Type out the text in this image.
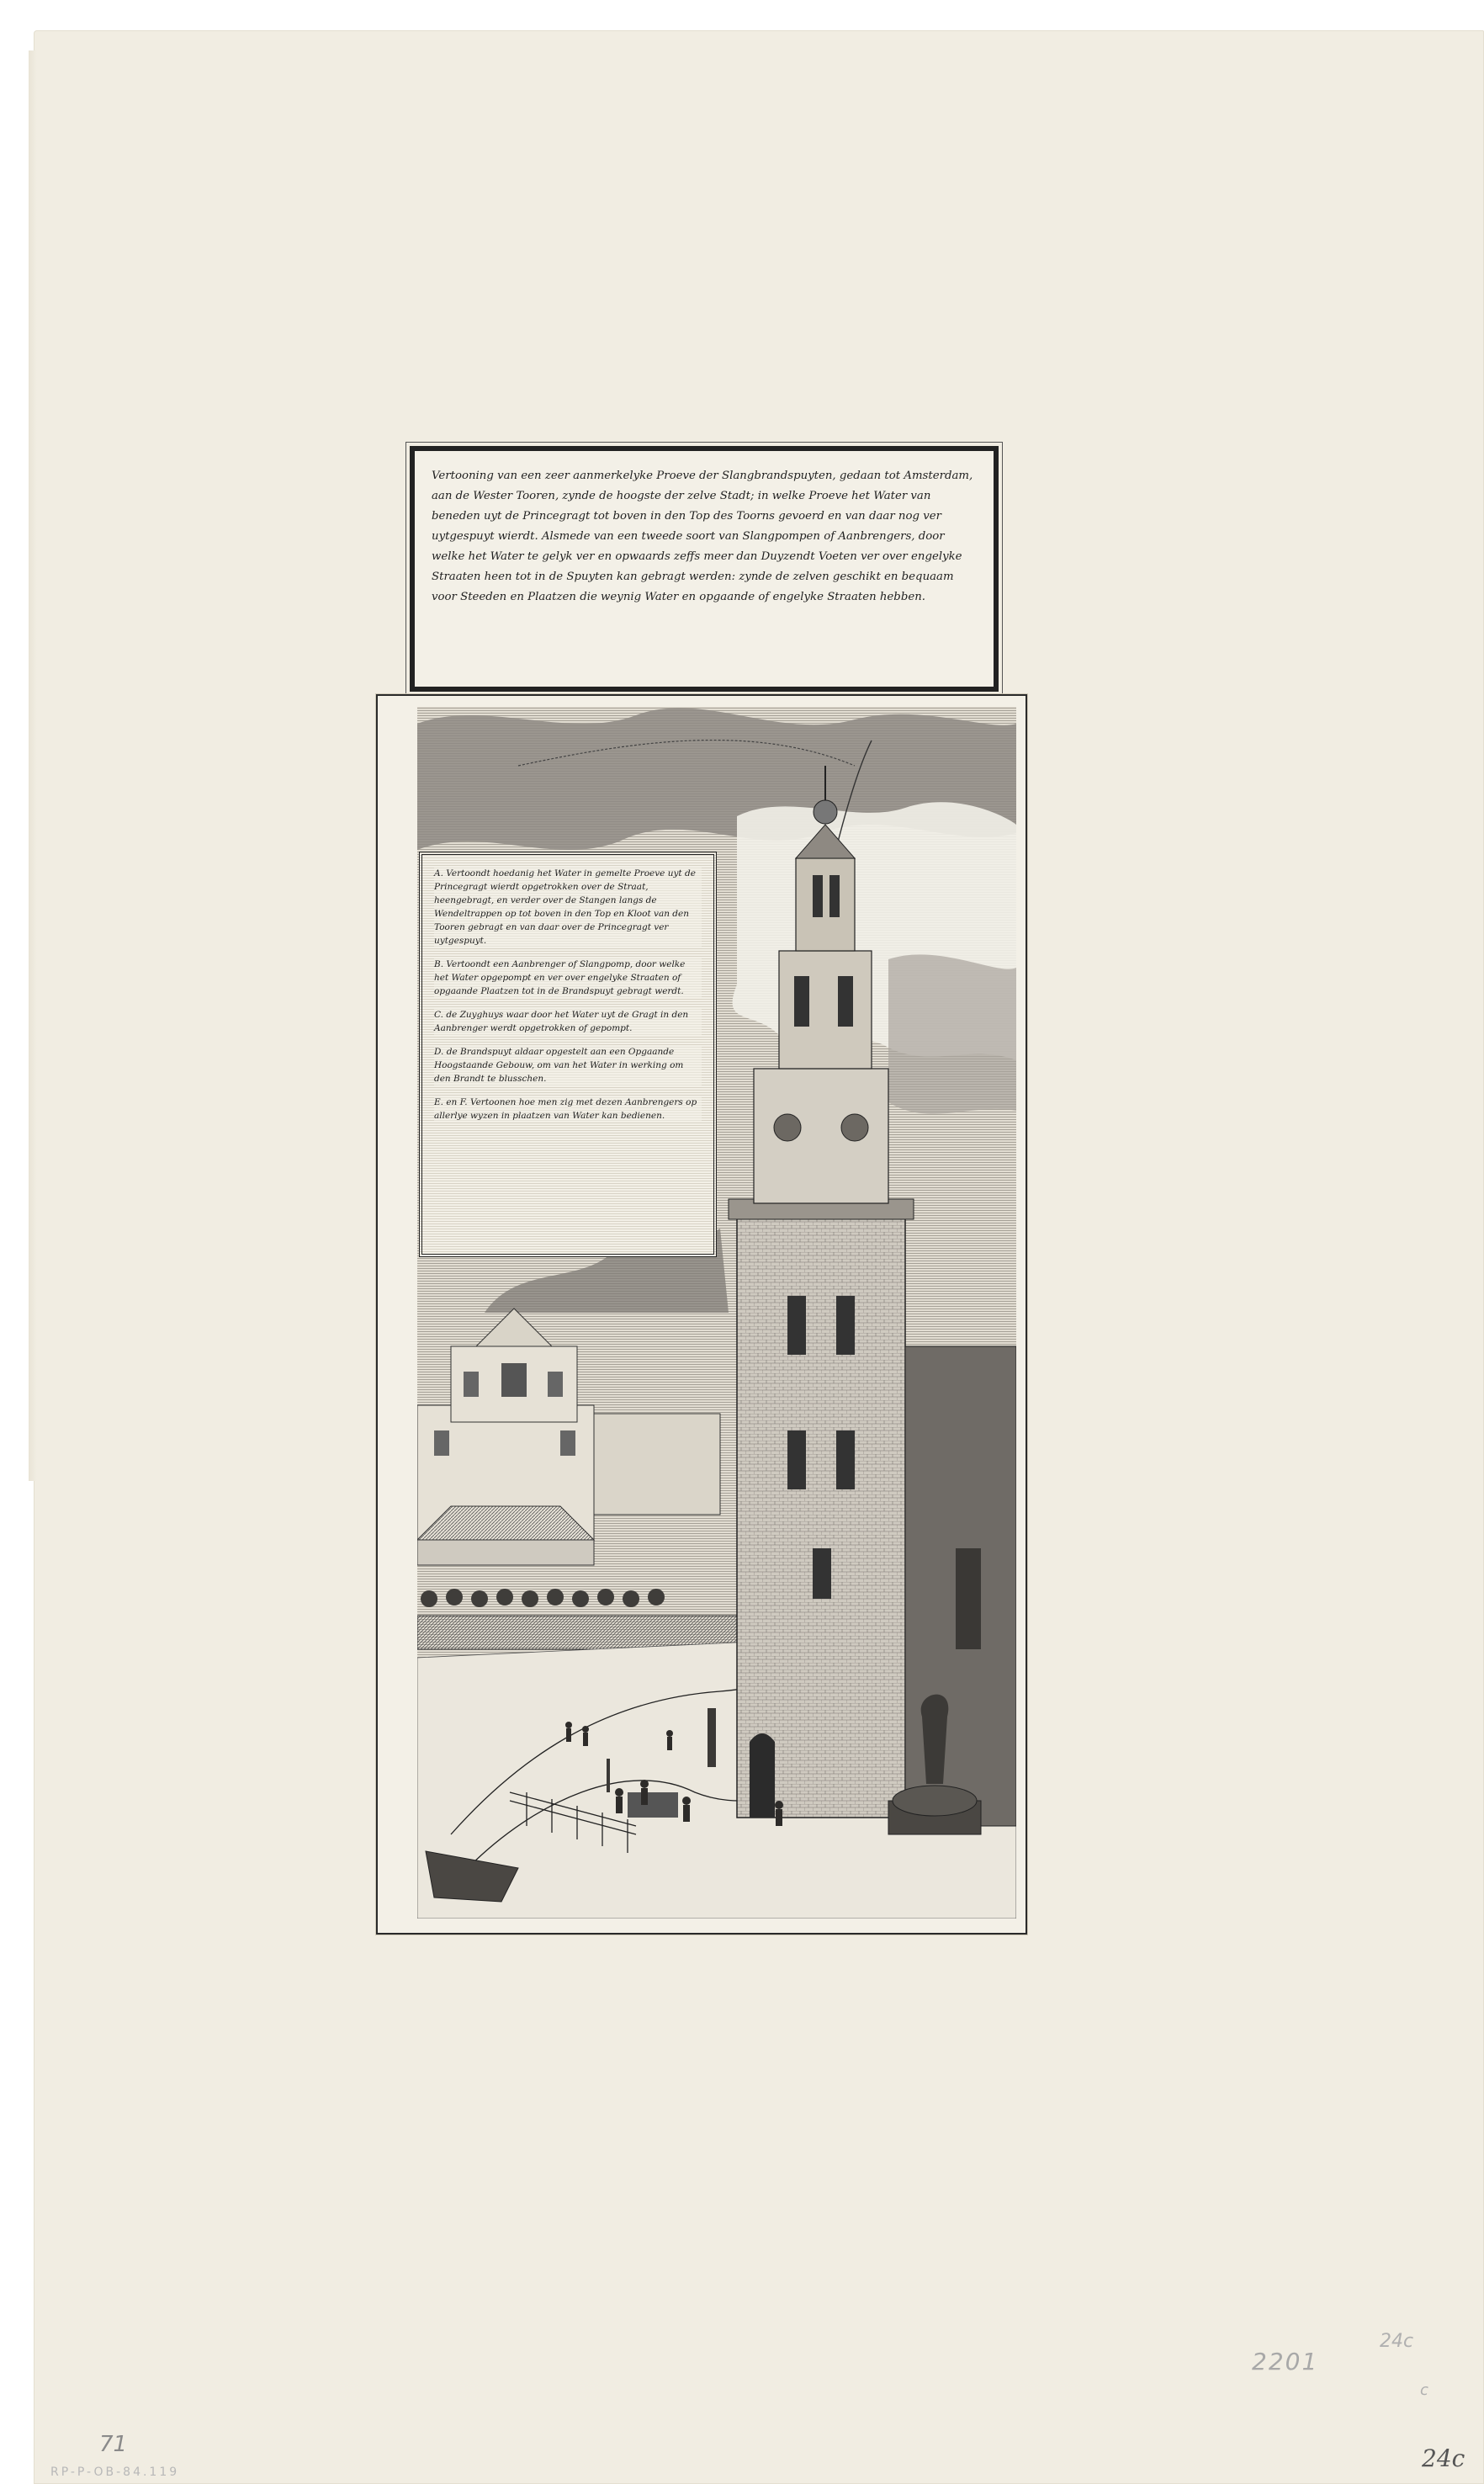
Vertooning van een zeer aanmerkelyke Proeve der Slangbrandspuyten, gedaan tot Amsterdam, aan de Wester Tooren, zynde de hoogste der zelve Stadt; in welke Proeve het Water van beneden uyt de Princegragt tot boven in den Top des Toorns gevoerd en van daar nog ver uytgespuyt wierdt. Alsmede van een tweede soort van Slangpompen of Aanbrengers, door welke het Water te gelyk ver en opwaards zeffs meer dan Duyzendt Voeten ver over engelyke Straaten heen tot in de Spuyten kan gebragt werden: zynde de zelven geschikt en bequaam voor Steeden en Plaatzen die weynig Water en opgaande of engelyke Straaten hebben.

A. Vertoondt hoedanig het Water in gemelte Proeve uyt de Princegragt wierdt opgetrokken over de Straat, heengebragt, en verder over de Stangen langs de Wendeltrappen op tot boven in den Top en Kloot van den Tooren gebragt en van daar over de Princegragt ver uytgespuyt.

B. Vertoondt een Aanbrenger of Slangpomp, door welke het Water opgepompt en ver over engelyke Straaten of opgaande Plaatzen tot in de Brandspuyt gebragt werdt.

C. de Zuyghuys waar door het Water uyt de Gragt in den Aanbrenger werdt opgetrokken of gepompt.

D. de Brandspuyt aldaar opgestelt aan een Opgaande Hoogstaande Gebouw, om van het Water in werking om den Brandt te blusschen.

E. en F. Vertoonen hoe men zig met dezen Aanbrengers op allerlye wyzen in plaatzen van Water kan bedienen.

71
2201
24c
c
24c
RP-P-OB-84.119
